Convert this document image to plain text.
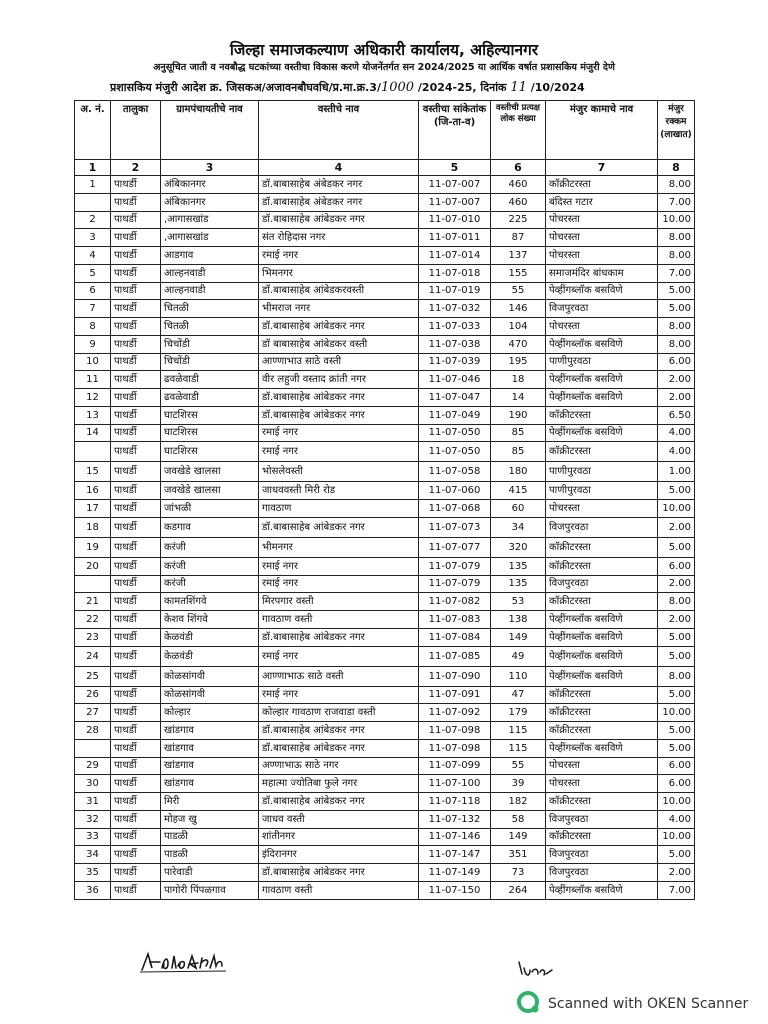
जिल्हा समाजकल्याण अधिकारी कार्यालय, अहिल्यानगर
अनुसूचित जाती व नवबौद्ध घटकांच्या वस्तीचा विकास करणे योजनेंतर्गत सन 2024/2025 या आर्थिक वर्षात प्रशासकिय मंजुरी देणे
प्रशासकिय मंजुरी आदेश क्र. जिसकअ/अजावनबौघवधि/प्र.मा.क्र.3/1000 /2024-25, दिनांक 11 /10/2024
अ. नं.	तालुका	ग्रामपंचायतीचे नाव	वस्तीचे नाव	वस्तीचा सांकेतांक (जि-ता-व)	वस्तीची प्रत्यक्ष लोक संख्या	मंजुर कामाचे नाव	मंजुर रक्कम (लाखात)
1	2	3	4	5	6	7	8
1	पाथर्डी	अंबिकानगर	डॉ.बाबासाहेब अंबेडकर नगर	11-07-007	460	कॉक्रीटरस्ता	8.00
	पाथर्डी	अंबिकानगर	डॉ.बाबासाहेब अंबेडकर नगर	11-07-007	460	बंदिस्त गटार	7.00
2	पाथर्डी	,आगासखांड	डॉ.बाबासाहेब आंबेडकर नगर	11-07-010	225	पोचरस्ता	10.00
3	पाथर्डी	,आगासखांड	संत रोहिदास नगर	11-07-011	87	पोचरस्ता	8.00
4	पाथर्डी	आडगाव	रमाई नगर	11-07-014	137	पोचरस्ता	8.00
5	पाथर्डी	आल्हनवाडी	भिमनगर	11-07-018	155	समाजमंदिर बांधकाम	7.00
6	पाथर्डी	आल्हनवाडी	डॉ.बाबासाहेब आंबेडकरवस्ती	11-07-019	55	पेव्हींगब्लॉक बसविणे	5.00
7	पाथर्डी	चितळी	भीमराज नगर	11-07-032	146	विजपुरवठा	5.00
8	पाथर्डी	चितळी	डॉ.बाबासाहेब आंबेडकर नगर	11-07-033	104	पोचरस्ता	8.00
9	पाथर्डी	चिचोंडी	डॉ बाबासाहेब आंबेडकर वस्ती	11-07-038	470	पेव्हींगब्लॉक बसविणे	8.00
10	पाथर्डी	चिचोंडी	आण्णाभाउ साठे वस्ती	11-07-039	195	पाणीपुरवठा	6.00
11	पाथर्डी	ढवळेवाडी	वीर लहुजी वस्ताद क्रांती नगर	11-07-046	18	पेव्हींगब्लॉक बसविणे	2.00
12	पाथर्डी	ढवळेवाडी	डॉ.बाबासाहेब आंबेडकर नगर	11-07-047	14	पेव्हींगब्लॉक बसविणे	2.00
13	पाथर्डी	घाटशिरस	डॉ.बाबासाहेब आंबेडकर नगर	11-07-049	190	कॉक्रीटरस्ता	6.50
14	पाथर्डी	घाटशिरस	रमाई नगर	11-07-050	85	पेव्हींगब्लॉक बसविणे	4.00
	पाथर्डी	घाटशिरस	रमाई नगर	11-07-050	85	कॉक्रीटरस्ता	4.00
15	पाथर्डी	जवखेडे खालसा	भोसलेवस्ती	11-07-058	180	पाणीपुरवठा	1.00
16	पाथर्डी	जवखेडे खालसा	जाधववस्ती मिरी रोड	11-07-060	415	पाणीपुरवठा	5.00
17	पाथर्डी	जांभळी	गावठाण	11-07-068	60	पोचरस्ता	10.00
18	पाथर्डी	कडगाव	डॉ.बाबासाहेब आंबेडकर नगर	11-07-073	34	विजपुरवठा	2.00
19	पाथर्डी	करंजी	भीमनगर	11-07-077	320	कॉक्रीटरस्ता	5.00
20	पाथर्डी	करंजी	रमाई नगर	11-07-079	135	कॉक्रीटरस्ता	6.00
	पाथर्डी	करंजी	रमाई नगर	11-07-079	135	विजपुरवठा	2.00
21	पाथर्डी	कामतशिंगवे	मिरपगार वस्ती	11-07-082	53	कॉक्रीटरस्ता	8.00
22	पाथर्डी	केशव शिंगवे	गावठाण वस्ती	11-07-083	138	पेव्हींगब्लॉक बसविणे	2.00
23	पाथर्डी	केळवंडी	डॉ.बाबासाहेब आंबेडकर नगर	11-07-084	149	पेव्हींगब्लॉक बसविणे	5.00
24	पाथर्डी	केळवंडी	रमाई नगर	11-07-085	49	पेव्हींगब्लॉक बसविणे	5.00
25	पाथर्डी	कोळसांगवी	आण्णाभाऊ साठे वस्ती	11-07-090	110	पेव्हींगब्लॉक बसविणे	8.00
26	पाथर्डी	कोळसांगवी	रमाई नगर	11-07-091	47	कॉक्रीटरस्ता	5.00
27	पाथर्डी	कोल्हार	कोल्हार गावठाण राजवाडा वस्ती	11-07-092	179	कॉक्रीटरस्ता	10.00
28	पाथर्डी	खांडगाव	डॉ.बाबासाहेब आंबेडकर नगर	11-07-098	115	कॉक्रीटरस्ता	5.00
	पाथर्डी	खांडगाव	डॉ.बाबासाहेब आंबेडकर नगर	11-07-098	115	पेव्हींगब्लॉक बसविणे	5.00
29	पाथर्डी	खांडगाव	अण्णाभाऊ साठे नगर	11-07-099	55	पोचरस्ता	6.00
30	पाथर्डी	खांडगाव	महात्मा ज्योतिबा फुले नगर	11-07-100	39	पोचरस्ता	6.00
31	पाथर्डी	मिरी	डॉ.बाबासाहेब आंबेडकर नगर	11-07-118	182	कॉक्रीटरस्ता	10.00
32	पाथर्डी	मोहज खु	जाधव वस्ती	11-07-132	58	विजपुरवठा	4.00
33	पाथर्डी	पाडळी	शांतीनगर	11-07-146	149	कॉक्रीटरस्ता	10.00
34	पाथर्डी	पाडळी	इंदिरानगर	11-07-147	351	विजपुरवठा	5.00
35	पाथर्डी	पारेवाडी	डॉ.बाबासाहेब आंबेडकर नगर	11-07-149	73	विजपुरवठा	2.00
36	पाथर्डी	पागोरी पिंपळगाव	गावठाण वस्ती	11-07-150	264	पेव्हींगब्लॉक बसविणे	7.00
Scanned with OKEN Scanner
